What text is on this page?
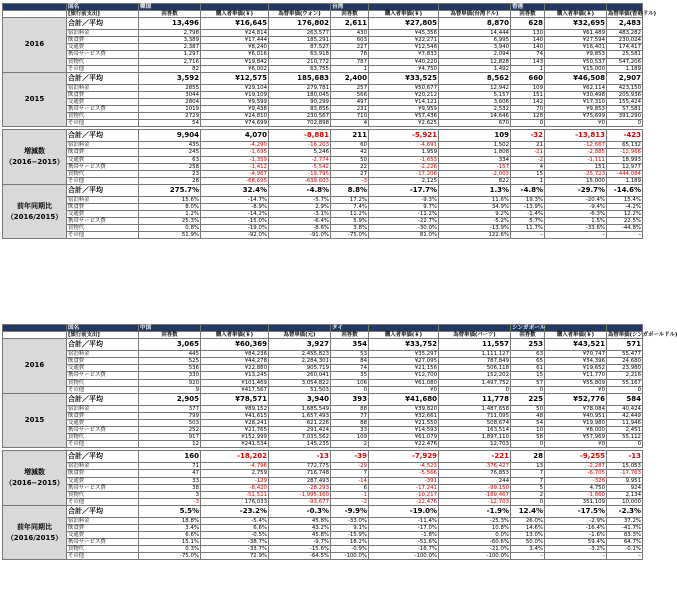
	国名	韓国			台湾			香港		
	[旅行前支出]	回答数	購入者単価(￥)	為替単価(ウォン)	回答数	購入者単価(￥)	為替単価(台湾ドル)	回答数	購入者単価(￥)	為替単価(香港ドル)
2016	合計／平均	13,496	¥16,645	176,802	2,611	¥27,805	8,870	628	¥32,695	2,483
	宿泊料金	2,798	¥24,814	263,577	430	¥45,356	14,444	130	¥61,489	483,282
	飲食費	3,389	¥17,444	185,291	603	¥22,271	6,995	140	¥27,594	230,024
	交通費	2,387	¥8,240	87,527	227	¥12,546	3,940	140	¥16,401	174,417
	携帯サービス費	1,297	¥6,016	63,918	78	¥7,833	2,094	74	¥9,853	25,581
	買物代	2,716	¥19,842	210,772	787	¥40,220	12,828	143	¥50,537	547,206
	その他	82	¥6,002	63,755	1	¥4,750	1,492	1	¥15,000	1,189
2015	合計／平均	3,592	¥12,575	185,683	2,400	¥33,525	8,562	660	¥46,508	2,907
	宿泊料金	2855	¥29,104	279,781	257	¥50,677	12,942	109	¥62,114	423,150
	飲食費	3044	¥19,109	180,045	566	¥20,212	5,157	151	¥30,498	205,936
	交通費	2804	¥9,599	90,299	497	¥14,121	3,606	142	¥17,310	155,424
	携帯サービス費	1019	¥9,438	83,856	231	¥9,959	2,532	70	¥9,853	57,581
	買物代	2729	¥24,810	230,567	710	¥57,436	14,646	128	¥75,699	391,290
	その他	54	¥74,699	702,898	4	¥2,625	670	0	¥0	0

増減数（2016−2015）	合計／平均	9,904	4,070	-8,881	211	-5,921	109	-32	-13,813	-423
	宿泊料金	435	-4,290	-16,203	60	-4,691	1,502	21	-12,667	65,132
	飲食費	245	-1,695	5,246	42	1,959	1,808	-21	-2,885	-12,966
	交通費	63	-1,359	-2,774	50	-1,653	334	-2	-1,111	18,993
	携帯サービス費	258	-1,412	-5,542	22	-2,226	-157	4	151	12,977
	買物代	23	-4,967	-19,795	27	-17,206	-2,003	15	-25,723	-444,084
	その他	28	-68,695	-639,603	-3	2,125	822	1	15,000	1,189
前年同期比（2016/2015）	合計／平均	275.7%	32.4%	-4.8%	8.8%	-17.7%	1.3%	-4.8%	-29.7%	-14.6%
	宿泊料金	15.6%	-14.7%	-5.7%	17.2%	-9.3%	11.6%	19.3%	-20.4%	15.4%
	飲食費	8.0%	-8.9%	2.9%	7.4%	9.7%	34.9%	-13.9%	-9.4%	-4.2%
	交通費	1.2%	-14.2%	-3.1%	11.2%	-11.2%	9.2%	-1.4%	-6.3%	12.2%
	携帯サービス費	25.3%	-15.0%	-6.4%	5.9%	-22.7%	-5.2%	5.7%	1.5%	22.5%
	買物代	0.8%	-19.0%	-8.6%	3.8%	-30.0%	-13.9%	11.7%	-33.6%	-44.8%
	その他	51.9%	-92.0%	-91.0%	-75.0%	81.0%	122.6%	–	–	–
	国名	中国			タイ			シンガポール		
	[旅行前支出]	回答数	購入者単価(￥)	為替単価(元)	回答数	購入者単価(￥)	為替単価(バーツ)	回答数	購入者単価(￥)	為替単価(シンガポールドル)
2016	合計／平均	3,065	¥60,369	3,927	354	¥33,752	11,557	253	¥43,521	571
	宿泊料金	445	¥84,236	2,455,823	53	¥35,297	1,111,127	63	¥70,747	55,477
	飲食費	525	¥44,278	2,284,301	84	¥27,095	787,849	65	¥34,396	24,680
	交通費	536	¥22,880	905,719	74	¥21,156	506,118	61	¥19,652	23,980
	携帯サービス費	330	¥13,245	260,041	35	¥12,700	152,202	15	¥11,770	2,216
	買物代	920	¥101,469	3,054,822	106	¥61,080	1,497,752	57	¥55,809	55,167
	その他	9	¥417,567	51,503	0	¥0	0	0	¥0	0
2015	合計／平均	2,905	¥78,571	3,940	393	¥41,680	11,778	225	¥52,776	584
	宿泊料金	377	¥89,152	1,685,549	88	¥39,820	1,487,658	50	¥78,084	40,424
	飲食費	799	¥41,615	1,657,493	77	¥32,661	711,095	48	¥40,951	42,449
	交通費	503	¥28,241	621,226	88	¥21,550	508,674	54	¥19,980	11,946
	携帯サービス費	252	¥21,765	291,424	33	¥14,593	163,514	10	¥8,000	2,451
	買物代	917	¥152,999	7,035,562	109	¥61,079	1,897,110	58	¥57,969	55,112
	その他	12	¥241,534	145,235	2	¥22,476	12,703	0	¥0	0

増減数（2016−2015）	合計／平均	160	-18,202	-13	-39	-7,929	-221	28	-9,255	-13
	宿泊料金	71	-4,796	772,775	-29	-4,523	-376,427	13	-2,287	15,053
	飲食費	47	2,759	716,748	7	-5,566	76,853	7	-6,705	-17,763
	交通費	33	-129	287,493	-14	-391	244	7	-328	9,951
	携帯サービス費	38	-8,420	-28,293	6	-17,241	-99,150	5	4,750	924
	買物代	3	-51,521	-1,995,160	-1	-10,217	-189,467	2	-1,860	2,134
	その他	-3	176,033	-93,677	-2	-22,476	-12,703	0	351,109	10,000
前年同期比（2016/2015）	合計／平均	5.5%	-23.2%	-0.3%	-9.9%	-19.0%	-1.9%	12.4%	-17.5%	-2.3%
	宿泊料金	18.8%	-5.4%	45.8%	-33.0%	-11.4%	-25.3%	26.0%	-2.9%	37.2%
	飲食費	3.4%	6.6%	43.2%	9.1%	-17.0%	10.8%	14.6%	-16.4%	-41.7%
	交通費	6.6%	-0.5%	45.8%	-15.9%	-1.8%	0.0%	13.0%	-1.6%	83.3%
	携帯サービス費	15.1%	-38.7%	-9.7%	18.2%	-51.6%	-60.6%	50.0%	59.4%	64.7%
	買物代	0.3%	-33.7%	-15.6%	-0.9%	-16.7%	-21.0%	3.4%	-3.2%	-0.1%
	その他	-75.0%	72.9%	-64.5%	-100.0%	-100.0%	-100.0%	–	–	–
